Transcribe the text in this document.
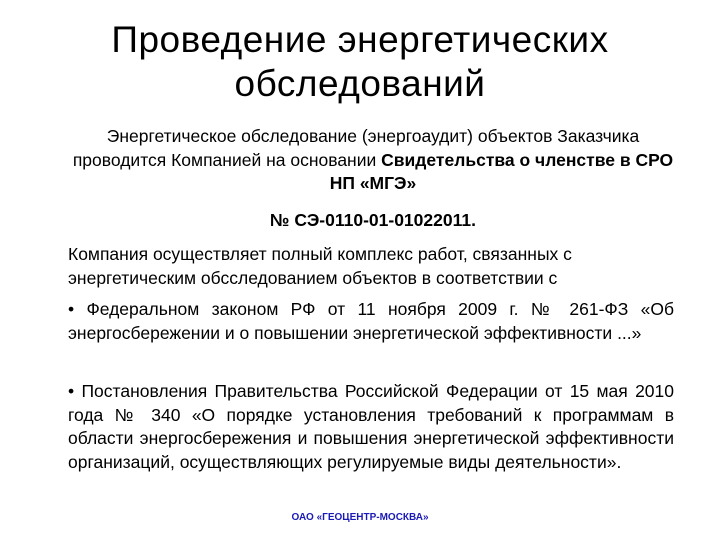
Проведение энергетических
обследований
Энергетическое обследование (энергоаудит) объектов Заказчика проводится Компанией на основании Свидетельства о членстве в СРО НП «МГЭ»
№ СЭ-0110-01-01022011.
Компания осуществляет полный комплекс работ, связанных с энергетическим обсследованием объектов в соответствии с
• Федеральном законом РФ от 11 ноября 2009 г. № 261-ФЗ «Об энергосбережении и о повышении энергетической эффективности ...»
• Постановления Правительства Российской Федерации от 15 мая 2010 года № 340 «О порядке установления требований к программам в области энергосбережения и повышения энергетической эффективности организаций, осуществляющих регулируемые виды деятельности».
ОАО «ГЕОЦЕНТР-МОСКВА»
